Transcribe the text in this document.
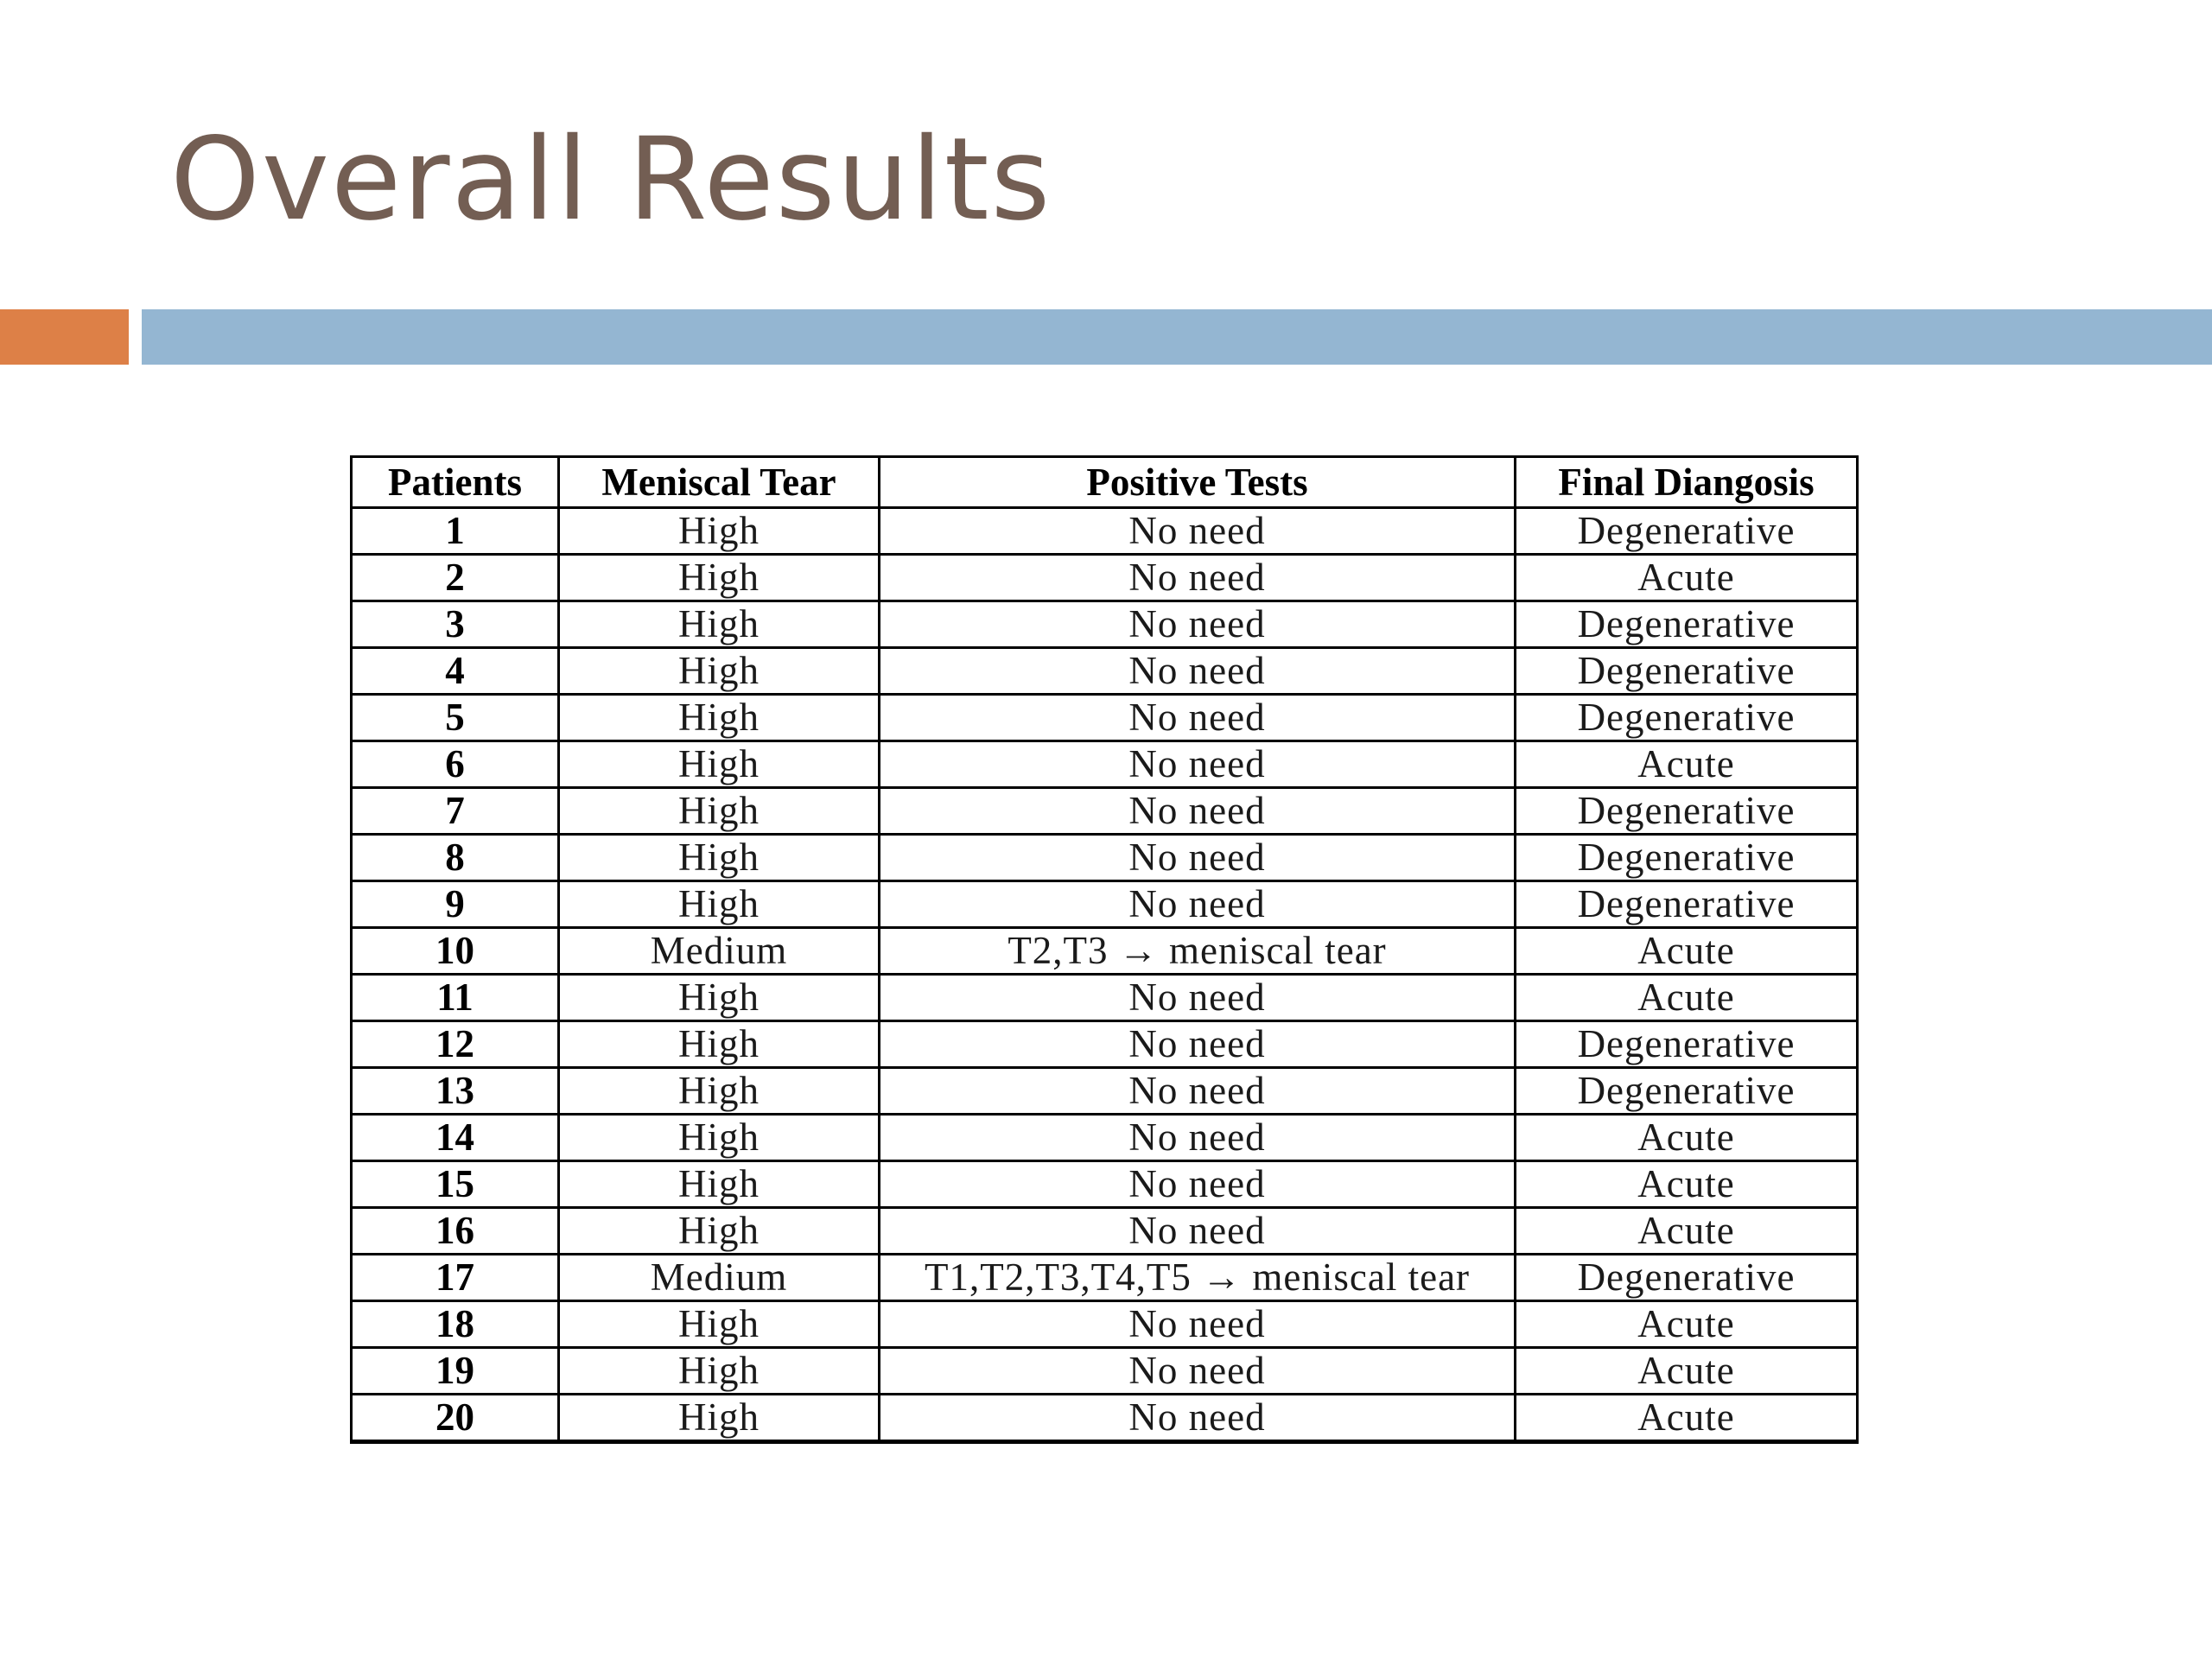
Overall Results
Patients	Meniscal Tear	Positive Tests	Final Diangosis
1	High	No need	Degenerative
2	High	No need	Acute
3	High	No need	Degenerative
4	High	No need	Degenerative
5	High	No need	Degenerative
6	High	No need	Acute
7	High	No need	Degenerative
8	High	No need	Degenerative
9	High	No need	Degenerative
10	Medium	T2,T3 → meniscal tear	Acute
11	High	No need	Acute
12	High	No need	Degenerative
13	High	No need	Degenerative
14	High	No need	Acute
15	High	No need	Acute
16	High	No need	Acute
17	Medium	T1,T2,T3,T4,T5 → meniscal tear	Degenerative
18	High	No need	Acute
19	High	No need	Acute
20	High	No need	Acute
